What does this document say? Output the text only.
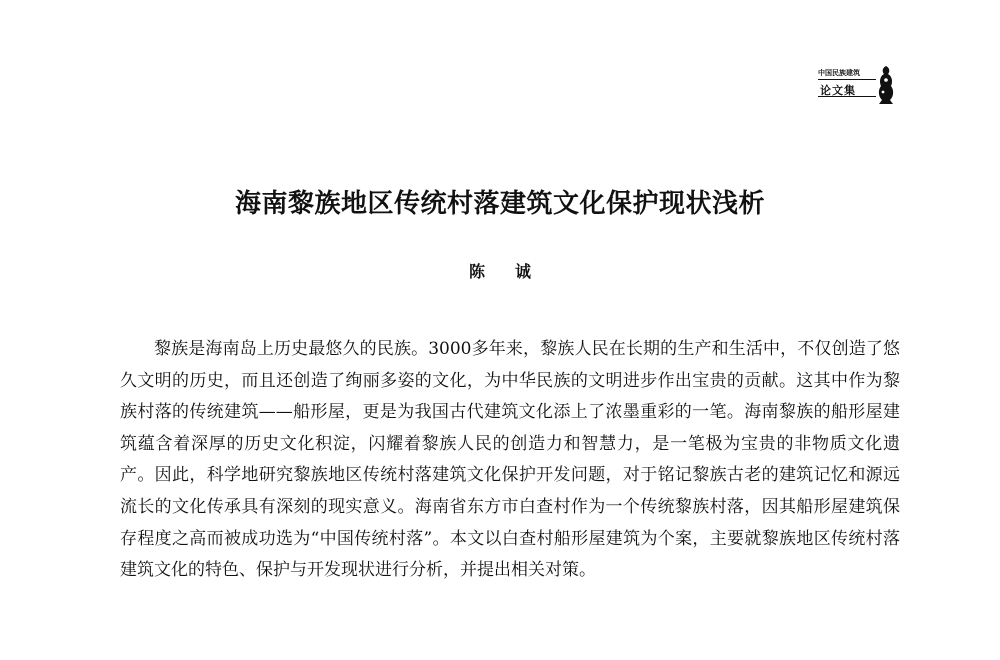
中国民族建筑
论文集
海南黎族地区传统村落建筑文化保护现状浅析
陈 诚

黎族是海南岛上历史最悠久的民族。3000多年来，黎族人民在长期的生产和生活中，不仅创造了悠久文明的历史，而且还创造了绚丽多姿的文化，为中华民族的文明进步作出宝贵的贡献。这其中作为黎族村落的传统建筑——船形屋，更是为我国古代建筑文化添上了浓墨重彩的一笔。海南黎族的船形屋建筑蕴含着深厚的历史文化积淀，闪耀着黎族人民的创造力和智慧力，是一笔极为宝贵的非物质文化遗产。因此，科学地研究黎族地区传统村落建筑文化保护开发问题，对于铭记黎族古老的建筑记忆和源远流长的文化传承具有深刻的现实意义。海南省东方市白查村作为一个传统黎族村落，因其船形屋建筑保存程度之高而被成功选为“中国传统村落”。本文以白查村船形屋建筑为个案，主要就黎族地区传统村落建筑文化的特色、保护与开发现状进行分析，并提出相关对策。
